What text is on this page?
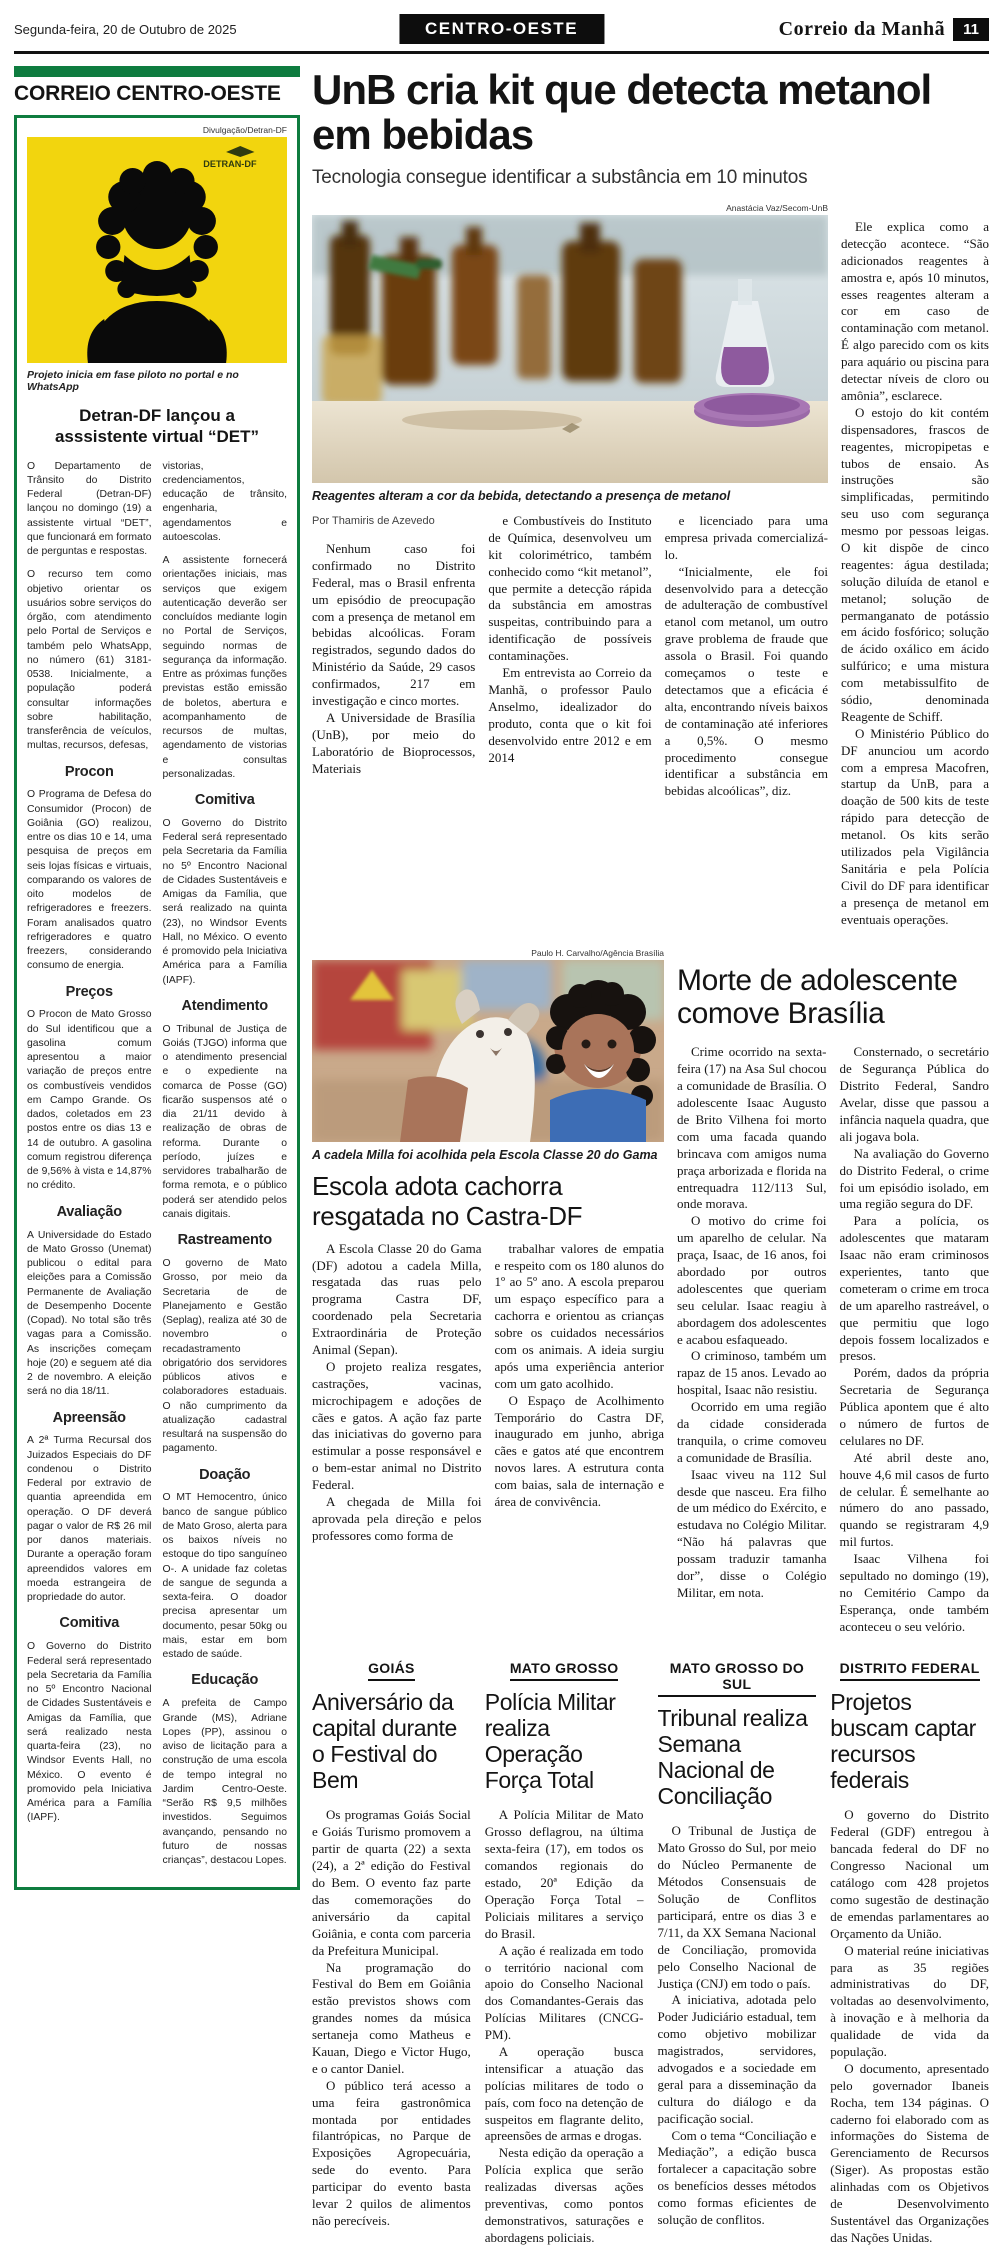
Segunda-feira, 20 de Outubro de 2025	CENTRO-OESTE	Correio da Manhã	11
CORREIO CENTRO-OESTE
Divulgação/Detran-DF
DETRAN-DF
Projeto inicia em fase piloto no portal e no WhatsApp
Detran-DF lançou a asssistente virtual “DET”

O Departamento de Trânsito do Distrito Federal (Detran-DF) lançou no domingo (19) a assistente virtual “DET”, que funcionará em formato de perguntas e respostas.

O recurso tem como objetivo orientar os usuários sobre serviços do órgão, com atendimento pelo Portal de Serviços e também pelo WhatsApp, no número (61) 3181-0538. Inicialmente, a população poderá consultar informações sobre habilitação, transferência de veículos, multas, recursos, defesas,

Procon

O Programa de Defesa do Consumidor (Procon) de Goiânia (GO) realizou, entre os dias 10 e 14, uma pesquisa de preços em seis lojas físicas e virtuais, comparando os valores de oito modelos de refrigeradores e freezers. Foram analisados quatro refrigeradores e quatro freezers, considerando consumo de energia.

Preços

O Procon de Mato Grosso do Sul identificou que a gasolina comum apresentou a maior variação de preços entre os combustíveis vendidos em Campo Grande. Os dados, coletados em 23 postos entre os dias 13 e 14 de outubro. A gasolina comum registrou diferença de 9,56% à vista e 14,87% no crédito.

Avaliação

A Universidade do Estado de Mato Grosso (Unemat) publicou o edital para eleições para a Comissão Permanente de Avaliação de Desempenho Docente (Copad). No total são três vagas para a Comissão. As inscrições começam hoje (20) e seguem até dia 2 de novembro. A eleição será no dia 18/11.

Apreensão

A 2ª Turma Recursal dos Juizados Especiais do DF condenou o Distrito Federal por extravio de quantia apreendida em operação. O DF deverá pagar o valor de R$ 26 mil por danos materiais. Durante a operação foram apreendidos valores em moeda estrangeira de propriedade do autor.

Comitiva

O Governo do Distrito Federal será representado pela Secretaria da Família no 5º Encontro Nacional de Cidades Sustentáveis e Amigas da Família, que será realizado nesta quarta-feira (23), no Windsor Events Hall, no México. O evento é promovido pela Iniciativa América para a Família (IAPF).

vistorias, credenciamentos, educação de trânsito, engenharia, agendamentos e autoescolas.

A assistente fornecerá orientações iniciais, mas serviços que exigem autenticação deverão ser concluídos mediante login no Portal de Serviços, seguindo normas de segurança da informação. Entre as próximas funções previstas estão emissão de boletos, abertura e acompanhamento de recursos de multas, agendamento de vistorias e consultas personalizadas.

Comitiva

O Governo do Distrito Federal será representado pela Secretaria da Família no 5º Encontro Nacional de Cidades Sustentáveis e Amigas da Família, que será realizado na quinta (23), no Windsor Events Hall, no México. O evento é promovido pela Iniciativa América para a Família (IAPF).

Atendimento

O Tribunal de Justiça de Goiás (TJGO) informa que o atendimento presencial e o expediente na comarca de Posse (GO) ficarão suspensos até o dia 21/11 devido à realização de obras de reforma. Durante o período, juízes e servidores trabalharão de forma remota, e o público poderá ser atendido pelos canais digitais.

Rastreamento

O governo de Mato Grosso, por meio da Secretaria de de Planejamento e Gestão (Seplag), realiza até 30 de novembro o recadastramento obrigatório dos servidores públicos ativos e colaboradores estaduais. O não cumprimento da atualização cadastral resultará na suspensão do pagamento.

Doação

O MT Hemocentro, único banco de sangue público de Mato Groso, alerta para os baixos níveis no estoque do tipo sanguíneo O-. A unidade faz coletas de sangue de segunda a sexta-feira. O doador precisa apresentar um documento, pesar 50kg ou mais, estar em bom estado de saúde.

Educação

A prefeita de Campo Grande (MS), Adriane Lopes (PP), assinou o aviso de licitação para a construção de uma escola de tempo integral no Jardim Centro-Oeste. “Serão R$ 9,5 milhões investidos. Seguimos avançando, pensando no futuro de nossas crianças”, destacou Lopes.

UnB cria kit que detecta metanol em bebidas
Tecnologia consegue identificar a substância em 10 minutos
Anastácia Vaz/Secom-UnB
Reagentes alteram a cor da bebida, detectando a presença de metanol
Por Thamiris de Azevedo

Nenhum caso foi confirmado no Distrito Federal, mas o Brasil enfrenta um episódio de preocupação com a presença de metanol em bebidas alcoólicas. Foram registrados, segundo dados do Ministério da Saúde, 29 casos confirmados, 217 em investigação e cinco mortes.

A Universidade de Brasília (UnB), por meio do Laboratório de Bioprocessos, Materiais

e Combustíveis do Instituto de Química, desenvolveu um kit colorimétrico, também conhecido como “kit metanol”, que permite a detecção rápida da substância em amostras suspeitas, contribuindo para a identificação de possíveis contaminações.

Em entrevista ao Correio da Manhã, o professor Paulo Anselmo, idealizador do produto, conta que o kit foi desenvolvido entre 2012 e em 2014

e licenciado para uma empresa privada comercializá-lo.

“Inicialmente, ele foi desenvolvido para a detecção de adulteração de combustível etanol com metanol, um outro grave problema de fraude que assola o Brasil. Foi quando começamos o teste e detectamos que a eficácia é alta, encontrando níveis baixos de contaminação até inferiores a 0,5%. O mesmo procedimento consegue identificar a substância em bebidas alcoólicas”, diz.

Ele explica como a detecção acontece. “São adicionados reagentes à amostra e, após 10 minutos, esses reagentes alteram a cor em caso de contaminação com metanol. É algo parecido com os kits para aquário ou piscina para detectar níveis de cloro ou amônia”, esclarece.

O estojo do kit contém dispensadores, frascos de reagentes, micropipetas e tubos de ensaio. As instruções são simplificadas, permitindo seu uso com segurança mesmo por pessoas leigas. O kit dispõe de cinco reagentes: água destilada; solução diluída de etanol e metanol; solução de permanganato de potássio em ácido fosfórico; solução de ácido oxálico em ácido sulfúrico; e uma mistura com metabissulfito de sódio, denominada Reagente de Schiff.

O Ministério Público do DF anunciou um acordo com a empresa Macofren, startup da UnB, para a doação de 500 kits de teste rápido para detecção de metanol. Os kits serão utilizados pela Vigilância Sanitária e pela Polícia Civil do DF para identificar a presença de metanol em eventuais operações.

Paulo H. Carvalho/Agência Brasília
A cadela Milla foi acolhida pela Escola Classe 20 do Gama
Escola adota cachorra resgatada no Castra-DF

A Escola Classe 20 do Gama (DF) adotou a cadela Milla, resgatada das ruas pelo programa Castra DF, coordenado pela Secretaria Extraordinária de Proteção Animal (Sepan).

O projeto realiza resgates, castrações, vacinas, microchipagem e adoções de cães e gatos. A ação faz parte das iniciativas do governo para estimular a posse responsável e o bem-estar animal no Distrito Federal.

A chegada de Milla foi aprovada pela direção e pelos professores como forma de

trabalhar valores de empatia e respeito com os 180 alunos do 1º ao 5º ano. A escola preparou um espaço específico para a cachorra e orientou as crianças sobre os cuidados necessários com os animais. A ideia surgiu após uma experiência anterior com um gato acolhido.

O Espaço de Acolhimento Temporário do Castra DF, inaugurado em junho, abriga cães e gatos até que encontrem novos lares. A estrutura conta com baias, sala de internação e área de convivência.

Morte de adolescente comove Brasília

Crime ocorrido na sexta-feira (17) na Asa Sul chocou a comunidade de Brasília. O adolescente Isaac Augusto de Brito Vilhena foi morto com uma facada quando brincava com amigos numa praça arborizada e florida na entrequadra 112/113 Sul, onde morava.

O motivo do crime foi um aparelho de celular. Na praça, Isaac, de 16 anos, foi abordado por outros adolescentes que queriam seu celular. Isaac reagiu à abordagem dos adolescentes e acabou esfaqueado.

O criminoso, também um rapaz de 15 anos. Levado ao hospital, Isaac não resistiu.

Ocorrido em uma região da cidade considerada tranquila, o crime comoveu a comunidade de Brasília.

Isaac viveu na 112 Sul desde que nasceu. Era filho de um médico do Exército, e estudava no Colégio Militar. “Não há palavras que possam traduzir tamanha dor”, disse o Colégio Militar, em nota.

Consternado, o secretário de Segurança Pública do Distrito Federal, Sandro Avelar, disse que passou a infância naquela quadra, que ali jogava bola.

Na avaliação do Governo do Distrito Federal, o crime foi um episódio isolado, em uma região segura do DF.

Para a polícia, os adolescentes que mataram Isaac não eram criminosos experientes, tanto que cometeram o crime em troca de um aparelho rastreável, o que permitiu que logo depois fossem localizados e presos.

Porém, dados da própria Secretaria de Segurança Pública apontem que é alto o número de furtos de celulares no DF.

Até abril deste ano, houve 4,6 mil casos de furto de celular. É semelhante ao número do ano passado, quando se registraram 4,9 mil furtos.

Isaac Vilhena foi sepultado no domingo (19), no Cemitério Campo da Esperança, onde também aconteceu o seu velório.

GOIÁS
Aniversário da capital durante o Festival do Bem

Os programas Goiás Social e Goiás Turismo promovem a partir de quarta (22) a sexta (24), a 2ª edição do Festival do Bem. O evento faz parte das comemorações do aniversário da capital Goiânia, e conta com parceria da Prefeitura Municipal.

Na programação do Festival do Bem em Goiânia estão previstos shows com grandes nomes da música sertaneja como Matheus e Kauan, Diego e Victor Hugo, e o cantor Daniel.

O público terá acesso a uma feira gastronômica montada por entidades filantrópicas, no Parque de Exposições Agropecuária, sede do evento. Para participar do evento basta levar 2 quilos de alimentos não perecíveis.

MATO GROSSO
Polícia Militar realiza Operação Força Total

A Polícia Militar de Mato Grosso deflagrou, na última sexta-feira (17), em todos os comandos regionais do estado, 20ª Edição da Operação Força Total – Policiais militares a serviço do Brasil.

A ação é realizada em todo o território nacional com apoio do Conselho Nacional dos Comandantes-Gerais das Polícias Militares (CNCG-PM).

A operação busca intensificar a atuação das polícias militares de todo o país, com foco na detenção de suspeitos em flagrante delito, apreensões de armas e drogas.

Nesta edição da operação a Polícia explica que serão realizadas diversas ações preventivas, como pontos demonstrativos, saturações e abordagens policiais.

MATO GROSSO DO SUL
Tribunal realiza Semana Nacional de Conciliação

O Tribunal de Justiça de Mato Grosso do Sul, por meio do Núcleo Permanente de Métodos Consensuais de Solução de Conflitos participará, entre os dias 3 e 7/11, da XX Semana Nacional de Conciliação, promovida pelo Conselho Nacional de Justiça (CNJ) em todo o país.

A iniciativa, adotada pelo Poder Judiciário estadual, tem como objetivo mobilizar magistrados, servidores, advogados e a sociedade em geral para a disseminação da cultura do diálogo e da pacificação social.

Com o tema “Conciliação e Mediação”, a edição busca fortalecer a capacitação sobre os benefícios desses métodos como formas eficientes de solução de conflitos.

DISTRITO FEDERAL
Projetos buscam captar recursos federais

O governo do Distrito Federal (GDF) entregou à bancada federal do DF no Congresso Nacional um catálogo com 428 projetos como sugestão de destinação de emendas parlamentares ao Orçamento da União.

O material reúne iniciativas para as 35 regiões administrativas do DF, voltadas ao desenvolvimento, à inovação e à melhoria da qualidade de vida da população.

O documento, apresentado pelo governador Ibaneis Rocha, tem 134 páginas. O caderno foi elaborado com as informações do Sistema de Gerenciamento de Recursos (Siger). As propostas estão alinhadas com os Objetivos de Desenvolvimento Sustentável das Organizações das Nações Unidas.
